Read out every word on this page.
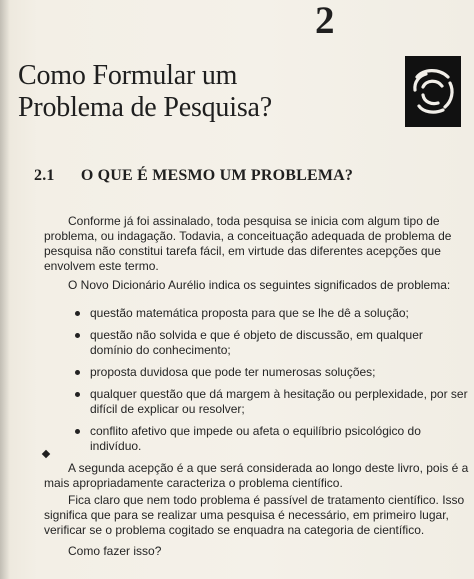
2
Como Formular um
Problema de Pesquisa?
2.1 O QUE É MESMO UM PROBLEMA?
Conforme já foi assinalado, toda pesquisa se inicia com algum tipo de problema, ou indagação. Todavia, a conceituação adequada de problema de pesquisa não constitui tarefa fácil, em virtude das diferentes acepções que envolvem este termo.
O Novo Dicionário Aurélio indica os seguintes significados de problema:
questão matemática proposta para que se lhe dê a solução;
questão não solvida e que é objeto de discussão, em qualquer domínio do conhecimento;
proposta duvidosa que pode ter numerosas soluções;
qualquer questão que dá margem à hesitação ou perplexidade, por ser difícil de explicar ou resolver;
conflito afetivo que impede ou afeta o equilíbrio psicológico do indivíduo.
A segunda acepção é a que será considerada ao longo deste livro, pois é a mais apropriadamente caracteriza o problema científico.
Fica claro que nem todo problema é passível de tratamento científico. Isso significa que para se realizar uma pesquisa é necessário, em primeiro lugar, verificar se o problema cogitado se enquadra na categoria de científico.
Como fazer isso?
